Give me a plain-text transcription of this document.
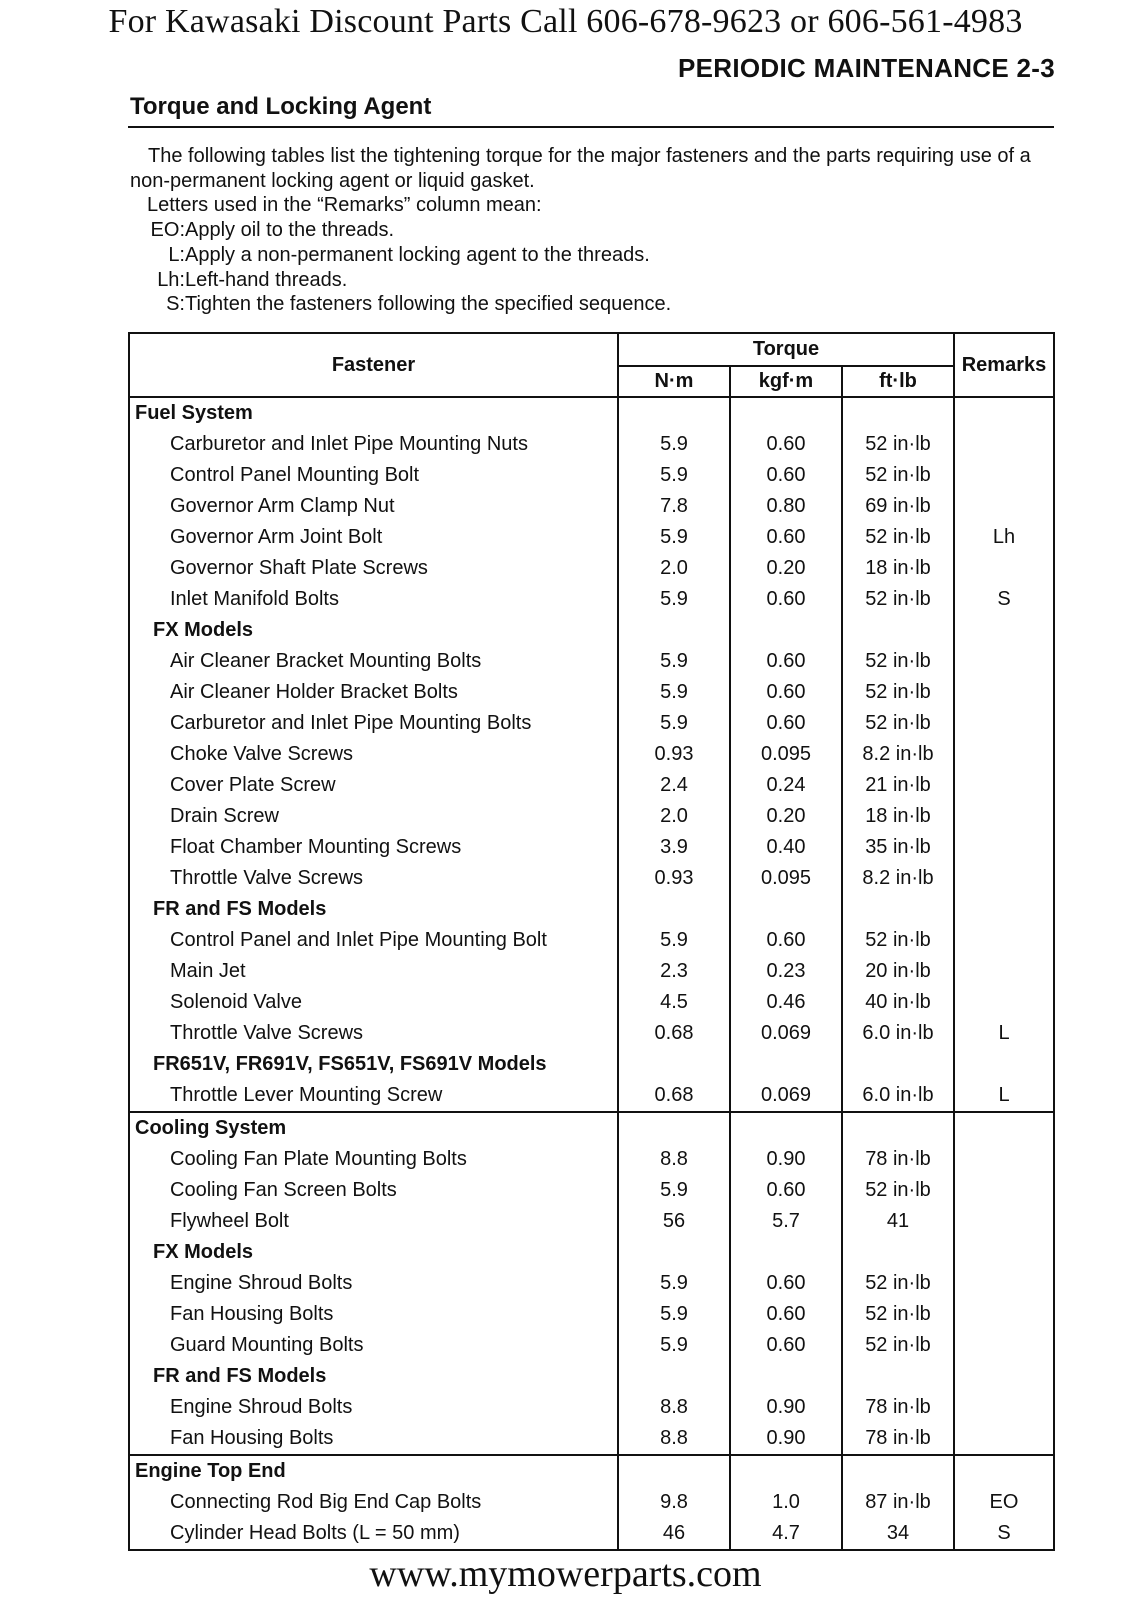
For Kawasaki Discount Parts Call 606-678-9623 or 606-561-4983
PERIODIC MAINTENANCE 2-3
Torque and Locking Agent

The following tables list the tightening torque for the major fasteners and the parts requiring use of a non-permanent locking agent or liquid gasket.

Letters used in the “Remarks” column mean:

EO: Apply oil to the threads.
L: Apply a non-permanent locking agent to the threads.
Lh: Left-hand threads.
S: Tighten the fasteners following the specified sequence.
Fastener
Torque
N·m	kgf·m	ft·lb
Remarks
Fuel System
Carburetor and Inlet Pipe Mounting Nuts	5.9	0.60	52 in·lb
Control Panel Mounting Bolt	5.9	0.60	52 in·lb
Governor Arm Clamp Nut	7.8	0.80	69 in·lb
Governor Arm Joint Bolt	5.9	0.60	52 in·lb	Lh
Governor Shaft Plate Screws	2.0	0.20	18 in·lb
Inlet Manifold Bolts	5.9	0.60	52 in·lb	S
FX Models
Air Cleaner Bracket Mounting Bolts	5.9	0.60	52 in·lb
Air Cleaner Holder Bracket Bolts	5.9	0.60	52 in·lb
Carburetor and Inlet Pipe Mounting Bolts	5.9	0.60	52 in·lb
Choke Valve Screws	0.93	0.095	8.2 in·lb
Cover Plate Screw	2.4	0.24	21 in·lb
Drain Screw	2.0	0.20	18 in·lb
Float Chamber Mounting Screws	3.9	0.40	35 in·lb
Throttle Valve Screws	0.93	0.095	8.2 in·lb
FR and FS Models
Control Panel and Inlet Pipe Mounting Bolt	5.9	0.60	52 in·lb
Main Jet	2.3	0.23	20 in·lb
Solenoid Valve	4.5	0.46	40 in·lb
Throttle Valve Screws	0.68	0.069	6.0 in·lb	L
FR651V, FR691V, FS651V, FS691V Models
Throttle Lever Mounting Screw	0.68	0.069	6.0 in·lb	L
Cooling System
Cooling Fan Plate Mounting Bolts	8.8	0.90	78 in·lb
Cooling Fan Screen Bolts	5.9	0.60	52 in·lb
Flywheel Bolt	56	5.7	41
FX Models
Engine Shroud Bolts	5.9	0.60	52 in·lb
Fan Housing Bolts	5.9	0.60	52 in·lb
Guard Mounting Bolts	5.9	0.60	52 in·lb
FR and FS Models
Engine Shroud Bolts	8.8	0.90	78 in·lb
Fan Housing Bolts	8.8	0.90	78 in·lb
Engine Top End
Connecting Rod Big End Cap Bolts	9.8	1.0	87 in·lb	EO
Cylinder Head Bolts (L = 50 mm)	46	4.7	34	S
www.mymowerparts.com
